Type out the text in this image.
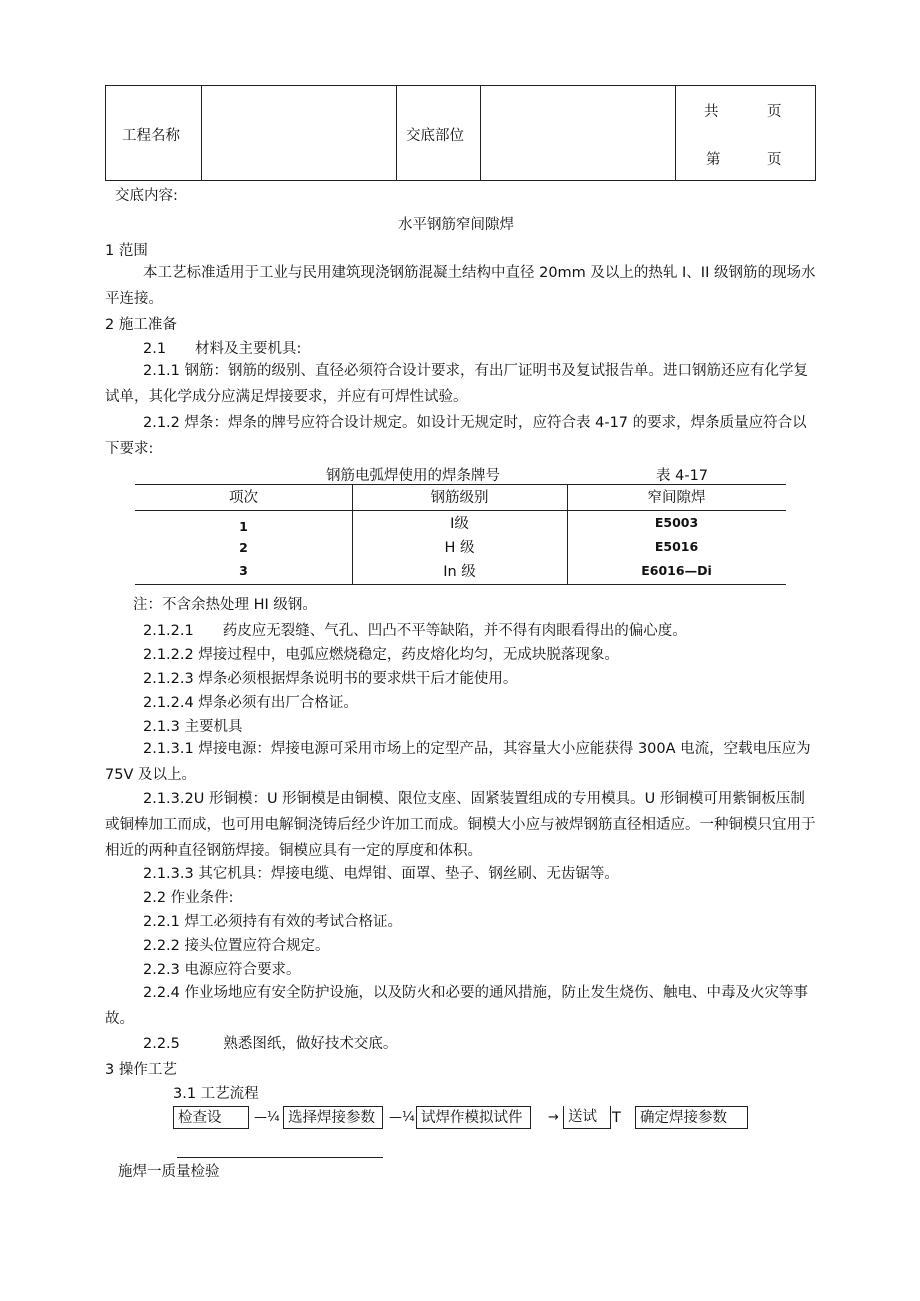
工程名称	交底部位
共	页
第	页
交底内容:
水平钢筋窄间隙焊
1 范围
本工艺标准适用于工业与民用建筑现浇钢筋混凝土结构中直径 20mm 及以上的热轧 I、II 级钢筋的现场水平连接。
2 施工准备
2.1　　材料及主要机具:
2.1.1 钢筋：钢筋的级别、直径必须符合设计要求，有出厂证明书及复试报告单。进口钢筋还应有化学复试单，其化学成分应满足焊接要求，并应有可焊性试验。
2.1.2 焊条：焊条的牌号应符合设计规定。如设计无规定时，应符合表 4-17 的要求，焊条质量应符合以下要求:
钢筋电弧焊使用的焊条牌号	表 4-17
项次	钢筋级别	窄间隙焊
1	Ⅰ级	E5003
2	H 级	E5016
3	In 级	E6016—Di
注：不含余热处理 HI 级钢。
2.1.2.1　　药皮应无裂缝、气孔、凹凸不平等缺陷，并不得有肉眼看得出的偏心度。
2.1.2.2 焊接过程中，电弧应燃烧稳定，药皮熔化均匀，无成块脱落现象。
2.1.2.3 焊条必须根据焊条说明书的要求烘干后才能使用。
2.1.2.4 焊条必须有出厂合格证。
2.1.3 主要机具
2.1.3.1 焊接电源：焊接电源可采用市场上的定型产品，其容量大小应能获得 300A 电流，空载电压应为 75V 及以上。
2.1.3.2U 形铜模：U 形铜模是由铜模、限位支座、固紧装置组成的专用模具。U 形铜模可用紫铜板压制或铜棒加工而成，也可用电解铜浇铸后经少许加工而成。铜模大小应与被焊钢筋直径相适应。一种铜模只宜用于相近的两种直径钢筋焊接。铜模应具有一定的厚度和体积。
2.1.3.3 其它机具：焊接电缆、电焊钳、面罩、垫子、钢丝刷、无齿锯等。
2.2 作业条件:
2.2.1 焊工必须持有有效的考试合格证。
2.2.2 接头位置应符合规定。
2.2.3 电源应符合要求。
2.2.4 作业场地应有安全防护设施，以及防火和必要的通风措施，防止发生烧伤、触电、中毒及火灾等事故。
2.2.5　　　熟悉图纸，做好技术交底。
3 操作工艺
3.1 工艺流程
检查设	—¼ 选择焊接参数	—¼ 试焊作模拟试件	→ 送试	T	确定焊接参数
施焊一质量检验
